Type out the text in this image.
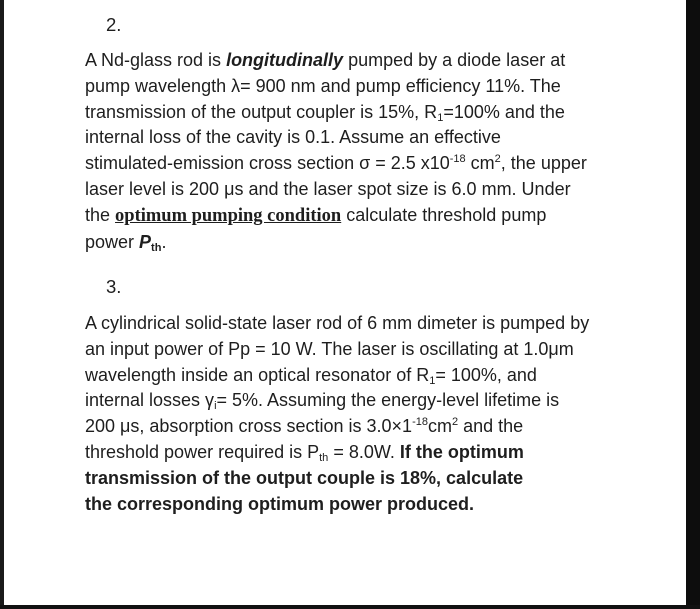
2.
A Nd-glass rod is longitudinally pumped by a diode laser at
pump wavelength λ= 900 nm and pump efficiency 11%. The
transmission of the output coupler is 15%, $R_1=100\%$ and the
internal loss of the cavity is 0.1. Assume an effective
stimulated-emission cross section σ = 2.5 $x10^{-18}$ $cm^2$, the upper
laser level is 200 μs and the laser spot size is 6.0 mm. Under
the optimum pumping condition calculate threshold pump
power $P_{th}$.
3.
A cylindrical solid-state laser rod of 6 mm dimeter is pumped by
an input power of Pp = 10 W. The laser is oscillating at 1.0μm
wavelength inside an optical resonator of $R_1= 100\%$, and
internal losses $\gamma_i= 5\%$. Assuming the energy-level lifetime is
200 μs, absorption cross section is $3.0\times 1^{-18}cm^2$ and the
threshold power required is $P_{th} = 8.0W$. If the optimum
transmission of the output couple is 18%, calculate
the corresponding optimum power produced.
